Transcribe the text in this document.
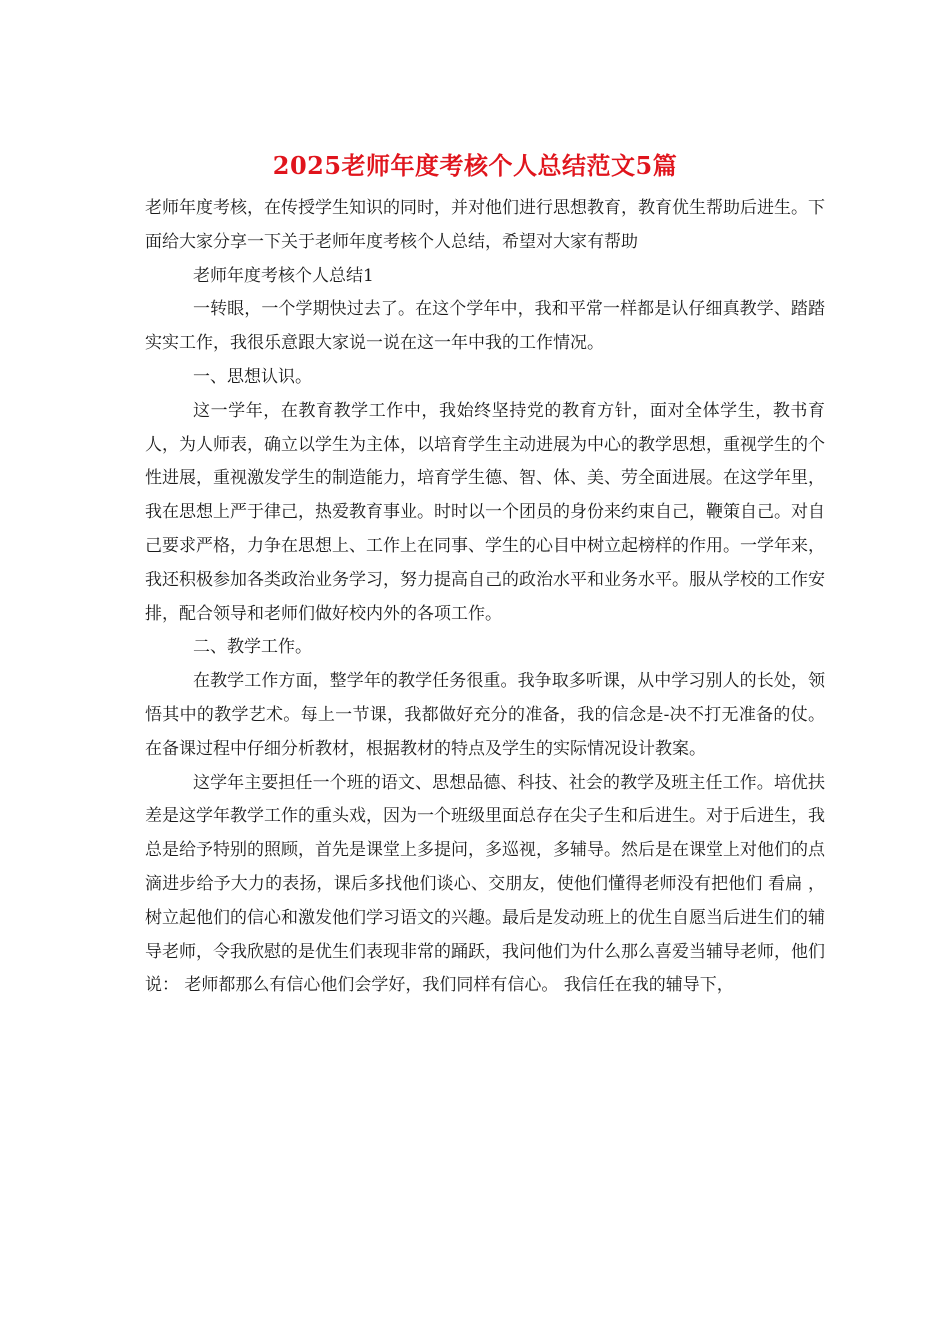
2025老师年度考核个人总结范文5篇

老师年度考核，在传授学生知识的同时，并对他们进行思想教育，教育优生帮助后进生。下面给大家分享一下关于老师年度考核个人总结，希望对大家有帮助

老师年度考核个人总结1

一转眼，一个学期快过去了。在这个学年中，我和平常一样都是认仔细真教学、踏踏实实工作，我很乐意跟大家说一说在这一年中我的工作情况。

一、思想认识。

这一学年，在教育教学工作中，我始终坚持党的教育方针，面对全体学生，教书育人，为人师表，确立以学生为主体，以培育学生主动进展为中心的教学思想，重视学生的个性进展，重视激发学生的制造能力，培育学生德、智、体、美、劳全面进展。在这学年里，我在思想上严于律己，热爱教育事业。时时以一个团员的身份来约束自己，鞭策自己。对自己要求严格，力争在思想上、工作上在同事、学生的心目中树立起榜样的作用。一学年来，我还积极参加各类政治业务学习，努力提高自己的政治水平和业务水平。服从学校的工作安排，配合领导和老师们做好校内外的各项工作。

二、教学工作。

在教学工作方面，整学年的教学任务很重。我争取多听课，从中学习别人的长处，领悟其中的教学艺术。每上一节课，我都做好充分的准备，我的信念是-决不打无准备的仗。在备课过程中仔细分析教材，根据教材的特点及学生的实际情况设计教案。

这学年主要担任一个班的语文、思想品德、科技、社会的教学及班主任工作。培优扶差是这学年教学工作的重头戏，因为一个班级里面总存在尖子生和后进生。对于后进生，我总是给予特别的照顾，首先是课堂上多提问，多巡视，多辅导。然后是在课堂上对他们的点滴进步给予大力的表扬，课后多找他们谈心、交朋友，使他们懂得老师没有把他们 看扁 ，树立起他们的信心和激发他们学习语文的兴趣。最后是发动班上的优生自愿当后进生们的辅导老师，令我欣慰的是优生们表现非常的踊跃，我问他们为什么那么喜爱当辅导老师，他们说： 老师都那么有信心他们会学好，我们同样有信心。 我信任在我的辅导下，
